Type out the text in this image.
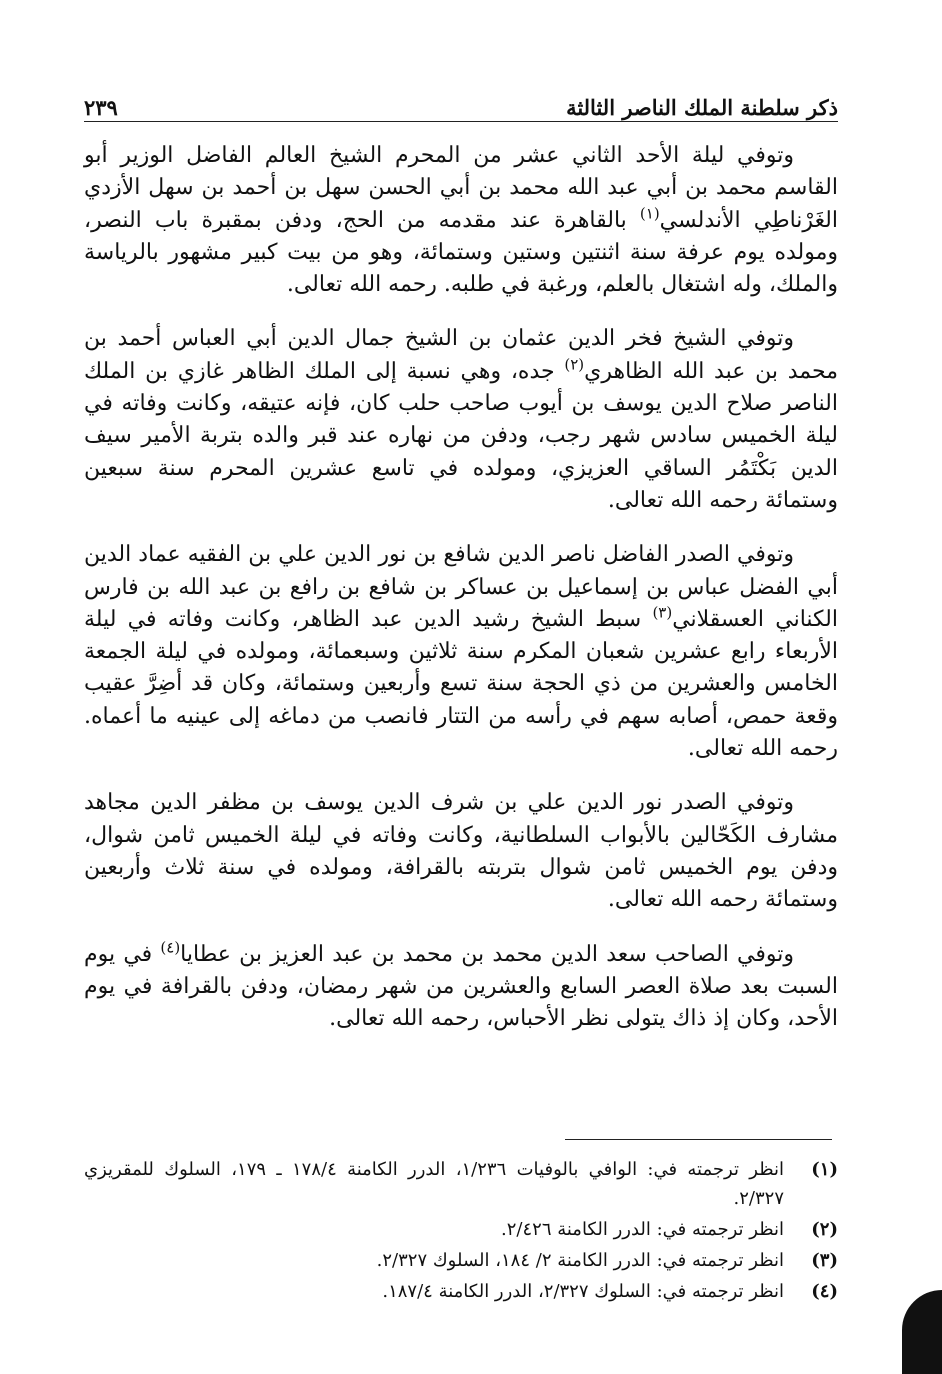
ذكر سلطنة الملك الناصر الثالثة
٢٣٩

وتوفي ليلة الأحد الثاني عشر من المحرم الشيخ العالم الفاضل الوزير أبو القاسم محمد بن أبي عبد الله محمد بن أبي الحسن سهل بن أحمد بن سهل الأزدي الغَرْناطِي الأندلسي$^{(١)}$ بالقاهرة عند مقدمه من الحج، ودفن بمقبرة باب النصر، ومولده يوم عرفة سنة اثنتين وستين وستمائة، وهو من بيت كبير مشهور بالرياسة والملك، وله اشتغال بالعلم، ورغبة في طلبه. رحمه الله تعالى.

وتوفي الشيخ فخر الدين عثمان بن الشيخ جمال الدين أبي العباس أحمد بن محمد بن عبد الله الظاهري$^{(٢)}$ جده، وهي نسبة إلى الملك الظاهر غازي بن الملك الناصر صلاح الدين يوسف بن أيوب صاحب حلب كان، فإنه عتيقه، وكانت وفاته في ليلة الخميس سادس شهر رجب، ودفن من نهاره عند قبر والده بتربة الأمير سيف الدين بَكْتَمُر الساقي العزيزي، ومولده في تاسع عشرين المحرم سنة سبعين وستمائة رحمه الله تعالى.

وتوفي الصدر الفاضل ناصر الدين شافع بن نور الدين علي بن الفقيه عماد الدين أبي الفضل عباس بن إسماعيل بن عساكر بن شافع بن رافع بن عبد الله بن فارس الكناني العسقلاني$^{(٣)}$ سبط الشيخ رشيد الدين عبد الظاهر، وكانت وفاته في ليلة الأربعاء رابع عشرين شعبان المكرم سنة ثلاثين وسبعمائة، ومولده في ليلة الجمعة الخامس والعشرين من ذي الحجة سنة تسع وأربعين وستمائة، وكان قد أضِرَّ عقيب وقعة حمص، أصابه سهم في رأسه من التتار فانصب من دماغه إلى عينيه ما أعماه. رحمه الله تعالى.

وتوفي الصدر نور الدين علي بن شرف الدين يوسف بن مظفر الدين مجاهد مشارف الكَحّالين بالأبواب السلطانية، وكانت وفاته في ليلة الخميس ثامن شوال، ودفن يوم الخميس ثامن شوال بتربته بالقرافة، ومولده في سنة ثلاث وأربعين وستمائة رحمه الله تعالى.

وتوفي الصاحب سعد الدين محمد بن محمد بن عبد العزيز بن عطايا$^{(٤)}$ في يوم السبت بعد صلاة العصر السابع والعشرين من شهر رمضان، ودفن بالقرافة في يوم الأحد، وكان إذ ذاك يتولى نظر الأحباس، رحمه الله تعالى.

(١)
انظر ترجمته في: الوافي بالوفيات ١/٢٣٦، الدرر الكامنة ١٧٨/٤ ـ ١٧٩، السلوك للمقريزي ٢/٣٢٧.
(٢)
انظر ترجمته في: الدرر الكامنة ٢/٤٢٦.
(٣)
انظر ترجمته في: الدرر الكامنة ٢/ ١٨٤، السلوك ٢/٣٢٧.
(٤)
انظر ترجمته في: السلوك ٢/٣٢٧، الدرر الكامنة ١٨٧/٤.
